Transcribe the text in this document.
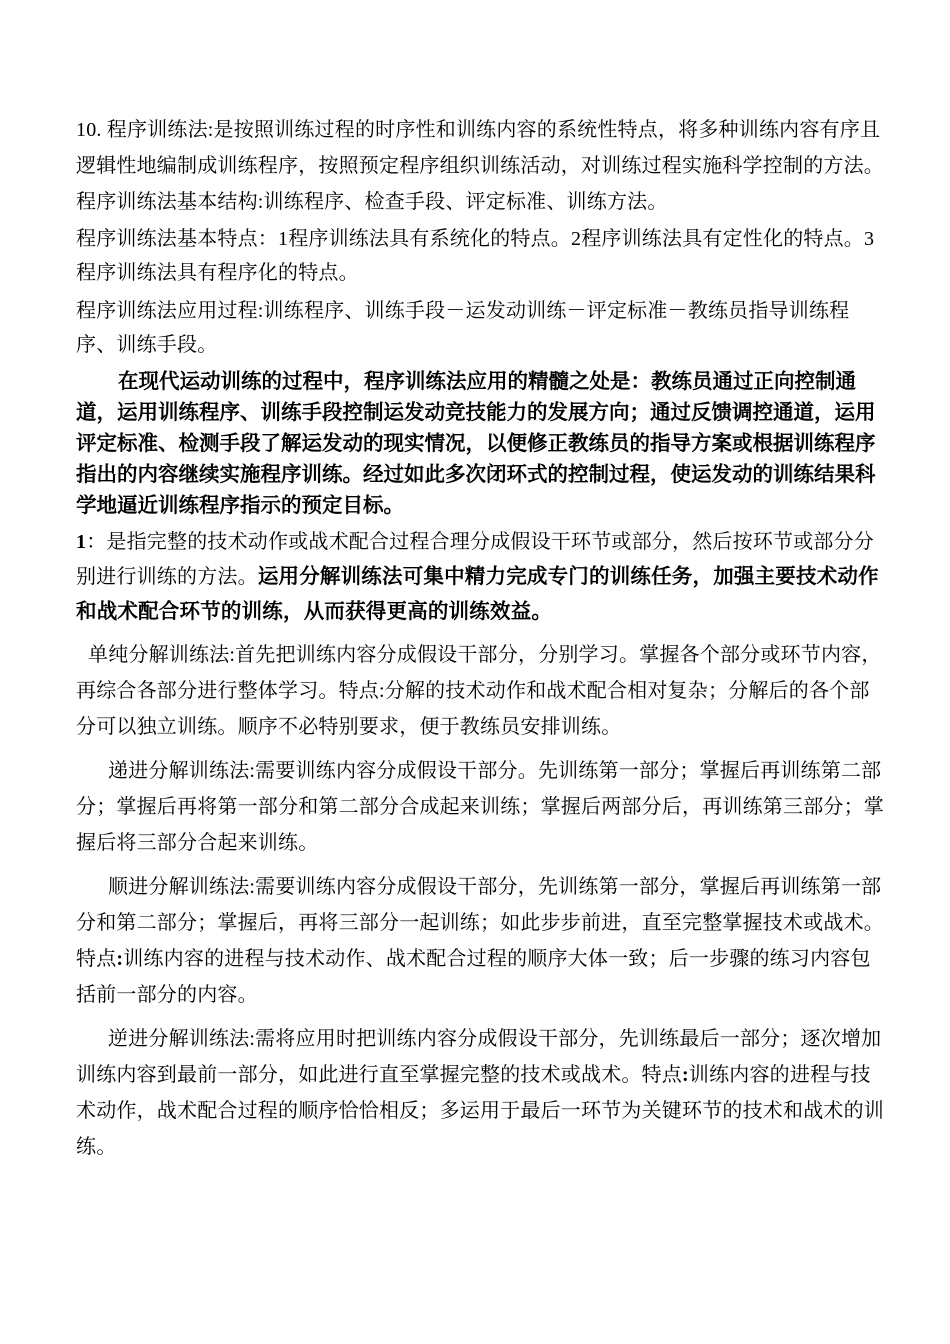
10. 程序训练法:是按照训练过程的时序性和训练内容的系统性特点，将多种训练内容有序且逻辑性地编制成训练程序，按照预定程序组织训练活动，对训练过程实施科学控制的方法。程序训练法基本结构:训练程序、检查手段、评定标准、训练方法。

程序训练法基本特点：1程序训练法具有系统化的特点。2程序训练法具有定性化的特点。3程序训练法具有程序化的特点。

程序训练法应用过程:训练程序、训练手段－运发动训练－评定标准－教练员指导训练程序、训练手段。

在现代运动训练的过程中，程序训练法应用的精髓之处是：教练员通过正向控制通道，运用训练程序、训练手段控制运发动竞技能力的发展方向；通过反馈调控通道，运用评定标准、检测手段了解运发动的现实情况，以便修正教练员的指导方案或根据训练程序指出的内容继续实施程序训练。经过如此多次闭环式的控制过程，使运发动的训练结果科学地逼近训练程序指示的预定目标。

1：是指完整的技术动作或战术配合过程合理分成假设干环节或部分，然后按环节或部分分别进行训练的方法。运用分解训练法可集中精力完成专门的训练任务，加强主要技术动作和战术配合环节的训练，从而获得更高的训练效益。

单纯分解训练法:首先把训练内容分成假设干部分，分别学习。掌握各个部分或环节内容，再综合各部分进行整体学习。特点:分解的技术动作和战术配合相对复杂；分解后的各个部分可以独立训练。顺序不必特别要求，便于教练员安排训练。

递进分解训练法:需要训练内容分成假设干部分。先训练第一部分；掌握后再训练第二部分；掌握后再将第一部分和第二部分合成起来训练；掌握后两部分后，再训练第三部分；掌握后将三部分合起来训练。

顺进分解训练法:需要训练内容分成假设干部分，先训练第一部分，掌握后再训练第一部分和第二部分；掌握后，再将三部分一起训练；如此步步前进，直至完整掌握技术或战术。特点:训练内容的进程与技术动作、战术配合过程的顺序大体一致；后一步骤的练习内容包括前一部分的内容。

逆进分解训练法:需将应用时把训练内容分成假设干部分，先训练最后一部分；逐次增加训练内容到最前一部分，如此进行直至掌握完整的技术或战术。特点:训练内容的进程与技术动作，战术配合过程的顺序恰恰相反；多运用于最后一环节为关键环节的技术和战术的训练。
